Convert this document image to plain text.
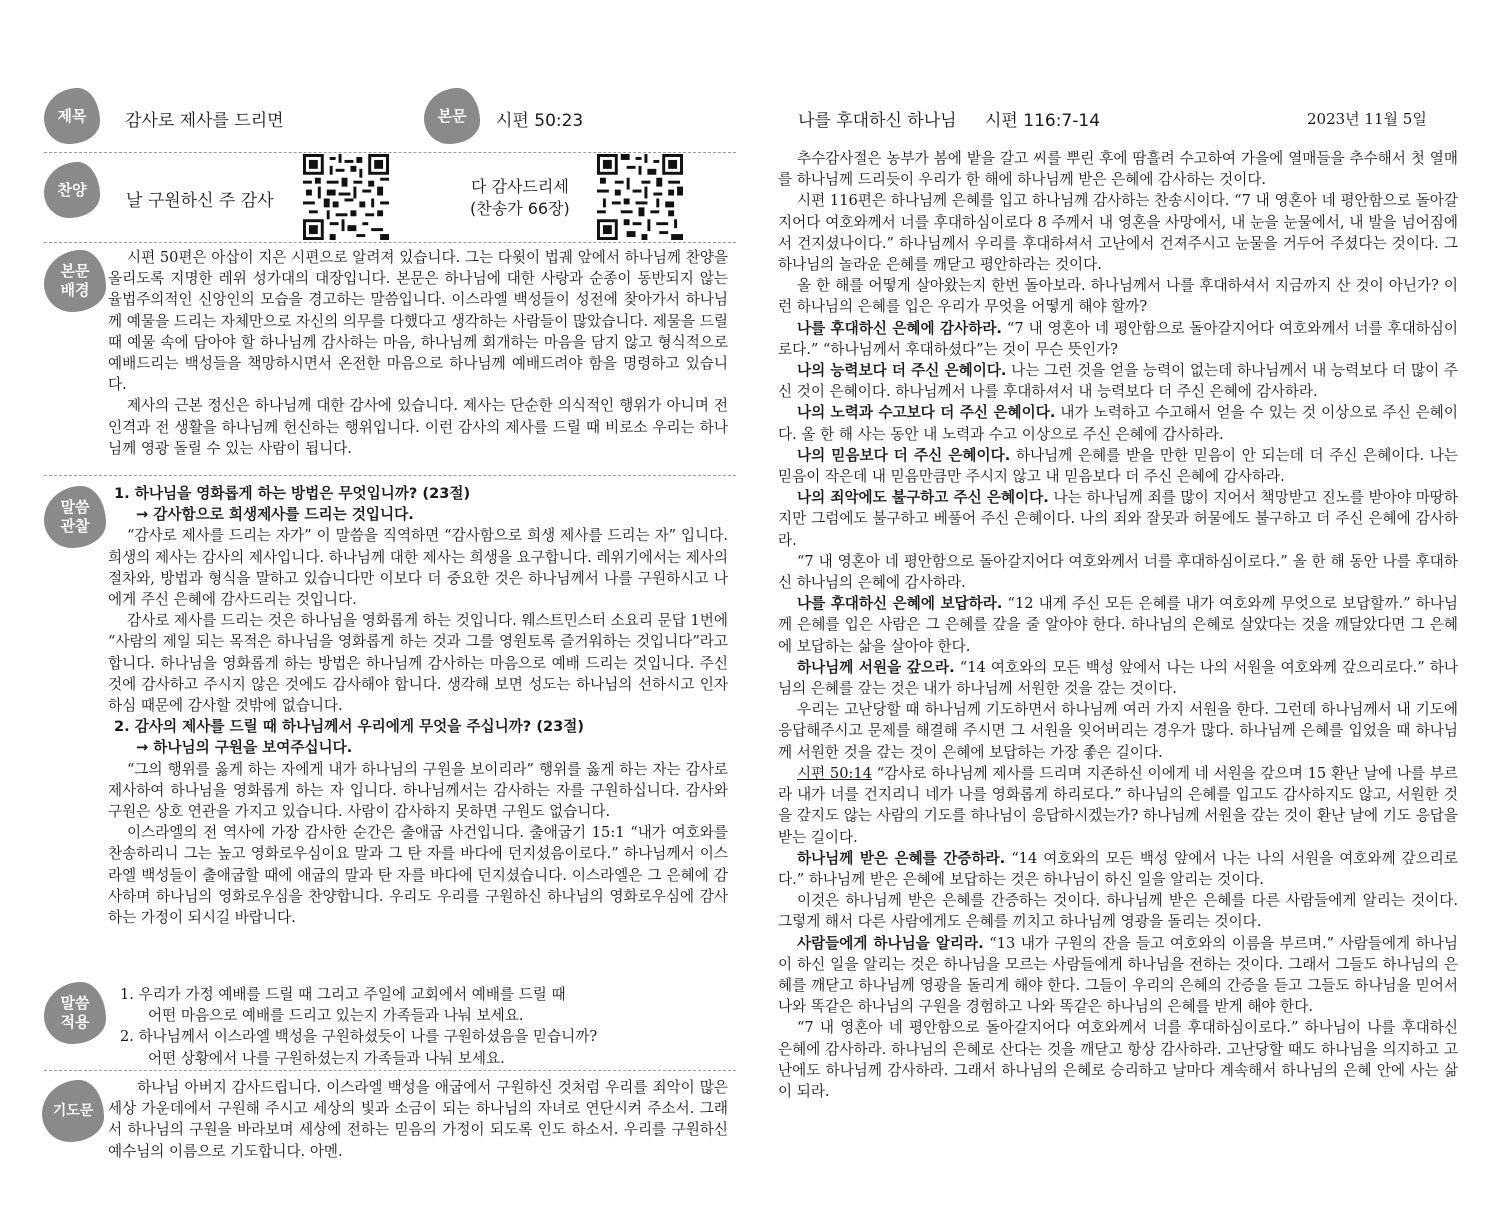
제목	감사로 제사를 드리면	본문	시편 50:23
찬양
날 구원하신 주 감사
다 감사드리세
(찬송가 66장)
본문
배경

시편 50편은 아삽이 지은 시편으로 알려져 있습니다. 그는 다윗이 법궤 앞에서 하나님께 찬양을 올리도록 지명한 레위 성가대의 대장입니다. 본문은 하나님에 대한 사랑과 순종이 동반되지 않는 율법주의적인 신앙인의 모습을 경고하는 말씀입니다. 이스라엘 백성들이 성전에 찾아가서 하나님께 예물을 드리는 자체만으로 자신의 의무를 다했다고 생각하는 사람들이 많았습니다. 제물을 드릴 때 예물 속에 담아야 할 하나님께 감사하는 마음, 하나님께 회개하는 마음을 담지 않고 형식적으로 예배드리는 백성들을 책망하시면서 온전한 마음으로 하나님께 예배드려야 함을 명령하고 있습니다.

제사의 근본 정신은 하나님께 대한 감사에 있습니다. 제사는 단순한 의식적인 행위가 아니며 전인격과 전 생활을 하나님께 헌신하는 행위입니다. 이런 감사의 제사를 드릴 때 비로소 우리는 하나님께 영광 돌릴 수 있는 사람이 됩니다.

말씀
관찰
1. 하나님을 영화롭게 하는 방법은 무엇입니까? (23절)
→ 감사함으로 희생제사를 드리는 것입니다.

“감사로 제사를 드리는 자가” 이 말씀을 직역하면 “감사함으로 희생 제사를 드리는 자” 입니다. 희생의 제사는 감사의 제사입니다. 하나님께 대한 제사는 희생을 요구합니다. 레위기에서는 제사의 절차와, 방법과 형식을 말하고 있습니다만 이보다 더 중요한 것은 하나님께서 나를 구원하시고 나에게 주신 은혜에 감사드리는 것입니다.

감사로 제사를 드리는 것은 하나님을 영화롭게 하는 것입니다. 웨스트민스터 소요리 문답 1번에 “사람의 제일 되는 목적은 하나님을 영화롭게 하는 것과 그를 영원토록 즐거워하는 것입니다”라고 합니다. 하나님을 영화롭게 하는 방법은 하나님께 감사하는 마음으로 예배 드리는 것입니다. 주신 것에 감사하고 주시지 않은 것에도 감사해야 합니다. 생각해 보면 성도는 하나님의 선하시고 인자하심 때문에 감사할 것밖에 없습니다.

2. 감사의 제사를 드릴 때 하나님께서 우리에게 무엇을 주십니까? (23절)
→ 하나님의 구원을 보여주십니다.

“그의 행위를 옳게 하는 자에게 내가 하나님의 구원을 보이리라” 행위를 옳게 하는 자는 감사로 제사하여 하나님을 영화롭게 하는 자 입니다. 하나님께서는 감사하는 자를 구원하십니다. 감사와 구원은 상호 연관을 가지고 있습니다. 사람이 감사하지 못하면 구원도 없습니다.

이스라엘의 전 역사에 가장 감사한 순간은 출애굽 사건입니다. 출애굽기 15:1 “내가 여호와를 찬송하리니 그는 높고 영화로우심이요 말과 그 탄 자를 바다에 던지셨음이로다.” 하나님께서 이스라엘 백성들이 출애굽할 때에 애굽의 말과 탄 자를 바다에 던지셨습니다. 이스라엘은 그 은혜에 감사하며 하나님의 영화로우심을 찬양합니다. 우리도 우리를 구원하신 하나님의 영화로우심에 감사하는 가정이 되시길 바랍니다.

말씀
적용
1. 우리가 가정 예배를 드릴 때 그리고 주일에 교회에서 예배를 드릴 때
어떤 마음으로 예배를 드리고 있는지 가족들과 나눠 보세요.
2. 하나님께서 이스라엘 백성을 구원하셨듯이 나를 구원하셨음을 믿습니까?
어떤 상황에서 나를 구원하셨는지 가족들과 나눠 보세요.
기도문

하나님 아버지 감사드립니다. 이스라엘 백성을 애굽에서 구원하신 것처럼 우리를 죄악이 많은 세상 가운데에서 구원해 주시고 세상의 빛과 소금이 되는 하나님의 자녀로 연단시켜 주소서. 그래서 하나님의 구원을 바라보며 세상에 전하는 믿음의 가정이 되도록 인도 하소서. 우리를 구원하신 예수님의 이름으로 기도합니다. 아멘.

나를 후대하신 하나님 시편 116:7-14	2023년 11월 5일

추수감사절은 농부가 봄에 밭을 갈고 씨를 뿌린 후에 땀흘려 수고하여 가을에 열매들을 추수해서 첫 열매를 하나님께 드리듯이 우리가 한 해에 하나님께 받은 은혜에 감사하는 것이다.

시편 116편은 하나님께 은혜를 입고 하나님께 감사하는 찬송시이다. “7 내 영혼아 네 평안함으로 돌아갈지어다 여호와께서 너를 후대하심이로다 8 주께서 내 영혼을 사망에서, 내 눈을 눈물에서, 내 발을 넘어짐에서 건지셨나이다.” 하나님께서 우리를 후대하셔서 고난에서 건져주시고 눈물을 거두어 주셨다는 것이다. 그 하나님의 놀라운 은혜를 깨닫고 평안하라는 것이다.

올 한 해를 어떻게 살아왔는지 한번 돌아보라. 하나님께서 나를 후대하셔서 지금까지 산 것이 아닌가? 이런 하나님의 은혜를 입은 우리가 무엇을 어떻게 해야 할까?

나를 후대하신 은혜에 감사하라. “7 내 영혼아 네 평안함으로 돌아갈지어다 여호와께서 너를 후대하심이로다.” “하나님께서 후대하셨다”는 것이 무슨 뜻인가?

나의 능력보다 더 주신 은혜이다. 나는 그런 것을 얻을 능력이 없는데 하나님께서 내 능력보다 더 많이 주신 것이 은혜이다. 하나님께서 나를 후대하셔서 내 능력보다 더 주신 은혜에 감사하라.

나의 노력과 수고보다 더 주신 은혜이다. 내가 노력하고 수고해서 얻을 수 있는 것 이상으로 주신 은혜이다. 올 한 해 사는 동안 내 노력과 수고 이상으로 주신 은혜에 감사하라.

나의 믿음보다 더 주신 은혜이다. 하나님께 은혜를 받을 만한 믿음이 안 되는데 더 주신 은혜이다. 나는 믿음이 작은데 내 믿음만큼만 주시지 않고 내 믿음보다 더 주신 은혜에 감사하라.

나의 죄악에도 불구하고 주신 은혜이다. 나는 하나님께 죄를 많이 지어서 책망받고 진노를 받아야 마땅하지만 그럼에도 불구하고 베풀어 주신 은혜이다. 나의 죄와 잘못과 허물에도 불구하고 더 주신 은혜에 감사하라.

“7 내 영혼아 네 평안함으로 돌아갈지어다 여호와께서 너를 후대하심이로다.” 올 한 해 동안 나를 후대하신 하나님의 은혜에 감사하라.

나를 후대하신 은혜에 보답하라. “12 내게 주신 모든 은혜를 내가 여호와께 무엇으로 보답할까.” 하나님께 은혜를 입은 사람은 그 은혜를 갚을 줄 알아야 한다. 하나님의 은혜로 살았다는 것을 깨달았다면 그 은혜에 보답하는 삶을 살아야 한다.

하나님께 서원을 갚으라. “14 여호와의 모든 백성 앞에서 나는 나의 서원을 여호와께 갚으리로다.” 하나님의 은혜를 갚는 것은 내가 하나님께 서원한 것을 갚는 것이다.

우리는 고난당할 때 하나님께 기도하면서 하나님께 여러 가지 서원을 한다. 그런데 하나님께서 내 기도에 응답해주시고 문제를 해결해 주시면 그 서원을 잊어버리는 경우가 많다. 하나님께 은혜를 입었을 때 하나님께 서원한 것을 갚는 것이 은혜에 보답하는 가장 좋은 길이다.

시편 50:14 “감사로 하나님께 제사를 드리며 지존하신 이에게 네 서원을 갚으며 15 환난 날에 나를 부르라 내가 너를 건지리니 네가 나를 영화롭게 하리로다.” 하나님의 은혜를 입고도 감사하지도 않고, 서원한 것을 갚지도 않는 사람의 기도를 하나님이 응답하시겠는가? 하나님께 서원을 갚는 것이 환난 날에 기도 응답을 받는 길이다.

하나님께 받은 은혜를 간증하라. “14 여호와의 모든 백성 앞에서 나는 나의 서원을 여호와께 갚으리로다.” 하나님께 받은 은혜에 보답하는 것은 하나님이 하신 일을 알리는 것이다.

이것은 하나님께 받은 은혜를 간증하는 것이다. 하나님께 받은 은혜를 다른 사람들에게 알리는 것이다. 그렇게 해서 다른 사람에게도 은혜를 끼치고 하나님께 영광을 돌리는 것이다.

사람들에게 하나님을 알리라. “13 내가 구원의 잔을 들고 여호와의 이름을 부르며.” 사람들에게 하나님이 하신 일을 알리는 것은 하나님을 모르는 사람들에게 하나님을 전하는 것이다. 그래서 그들도 하나님의 은혜를 깨닫고 하나님께 영광을 돌리게 해야 한다. 그들이 우리의 은혜의 간증을 듣고 그들도 하나님을 믿어서 나와 똑같은 하나님의 구원을 경험하고 나와 똑같은 하나님의 은혜를 받게 해야 한다.

“7 내 영혼아 네 평안함으로 돌아갈지어다 여호와께서 너를 후대하심이로다.” 하나님이 나를 후대하신 은혜에 감사하라. 하나님의 은혜로 산다는 것을 깨닫고 항상 감사하라. 고난당할 때도 하나님을 의지하고 고난에도 하나님께 감사하라. 그래서 하나님의 은혜로 승리하고 날마다 계속해서 하나님의 은혜 안에 사는 삶이 되라.
